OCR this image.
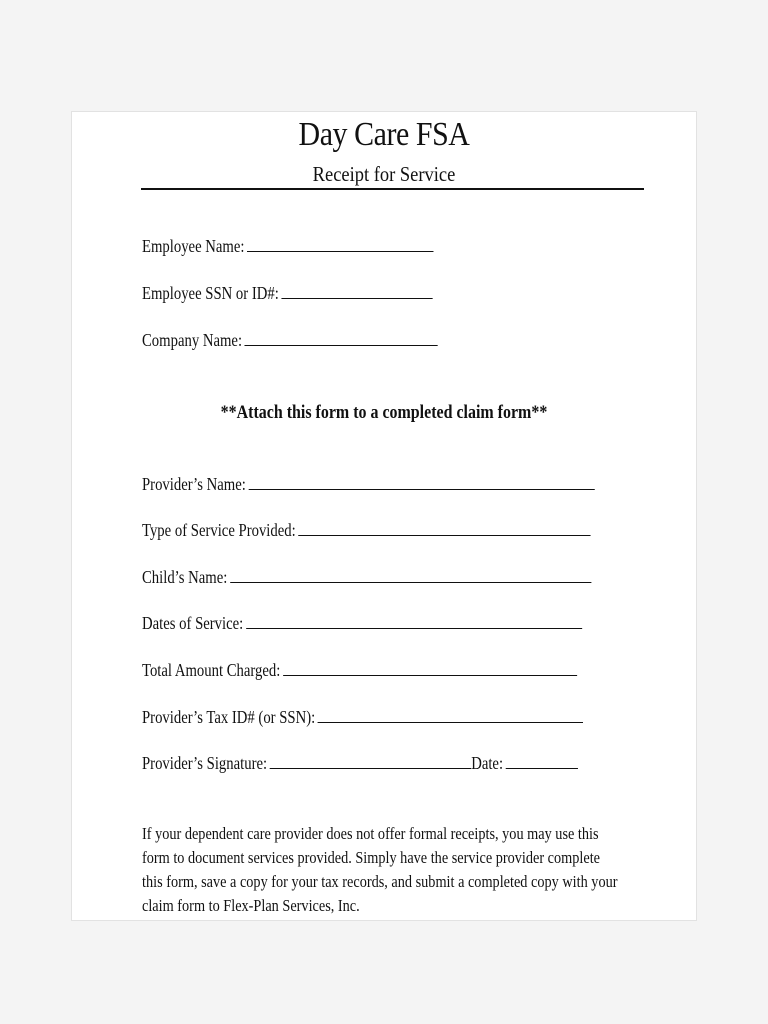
Day Care FSA
Receipt for Service
Employee Name:
Employee SSN or ID#:
Company Name:
**Attach this form to a completed claim form**
Provider’s Name:
Type of Service Provided:
Child’s Name:
Dates of Service:
Total Amount Charged:
Provider’s Tax ID# (or SSN):
Provider’s Signature:	Date:
If your dependent care provider does not offer formal receipts, you may use this
form to document services provided. Simply have the service provider complete
this form, save a copy for your tax records, and submit a completed copy with your
claim form to Flex-Plan Services, Inc.
